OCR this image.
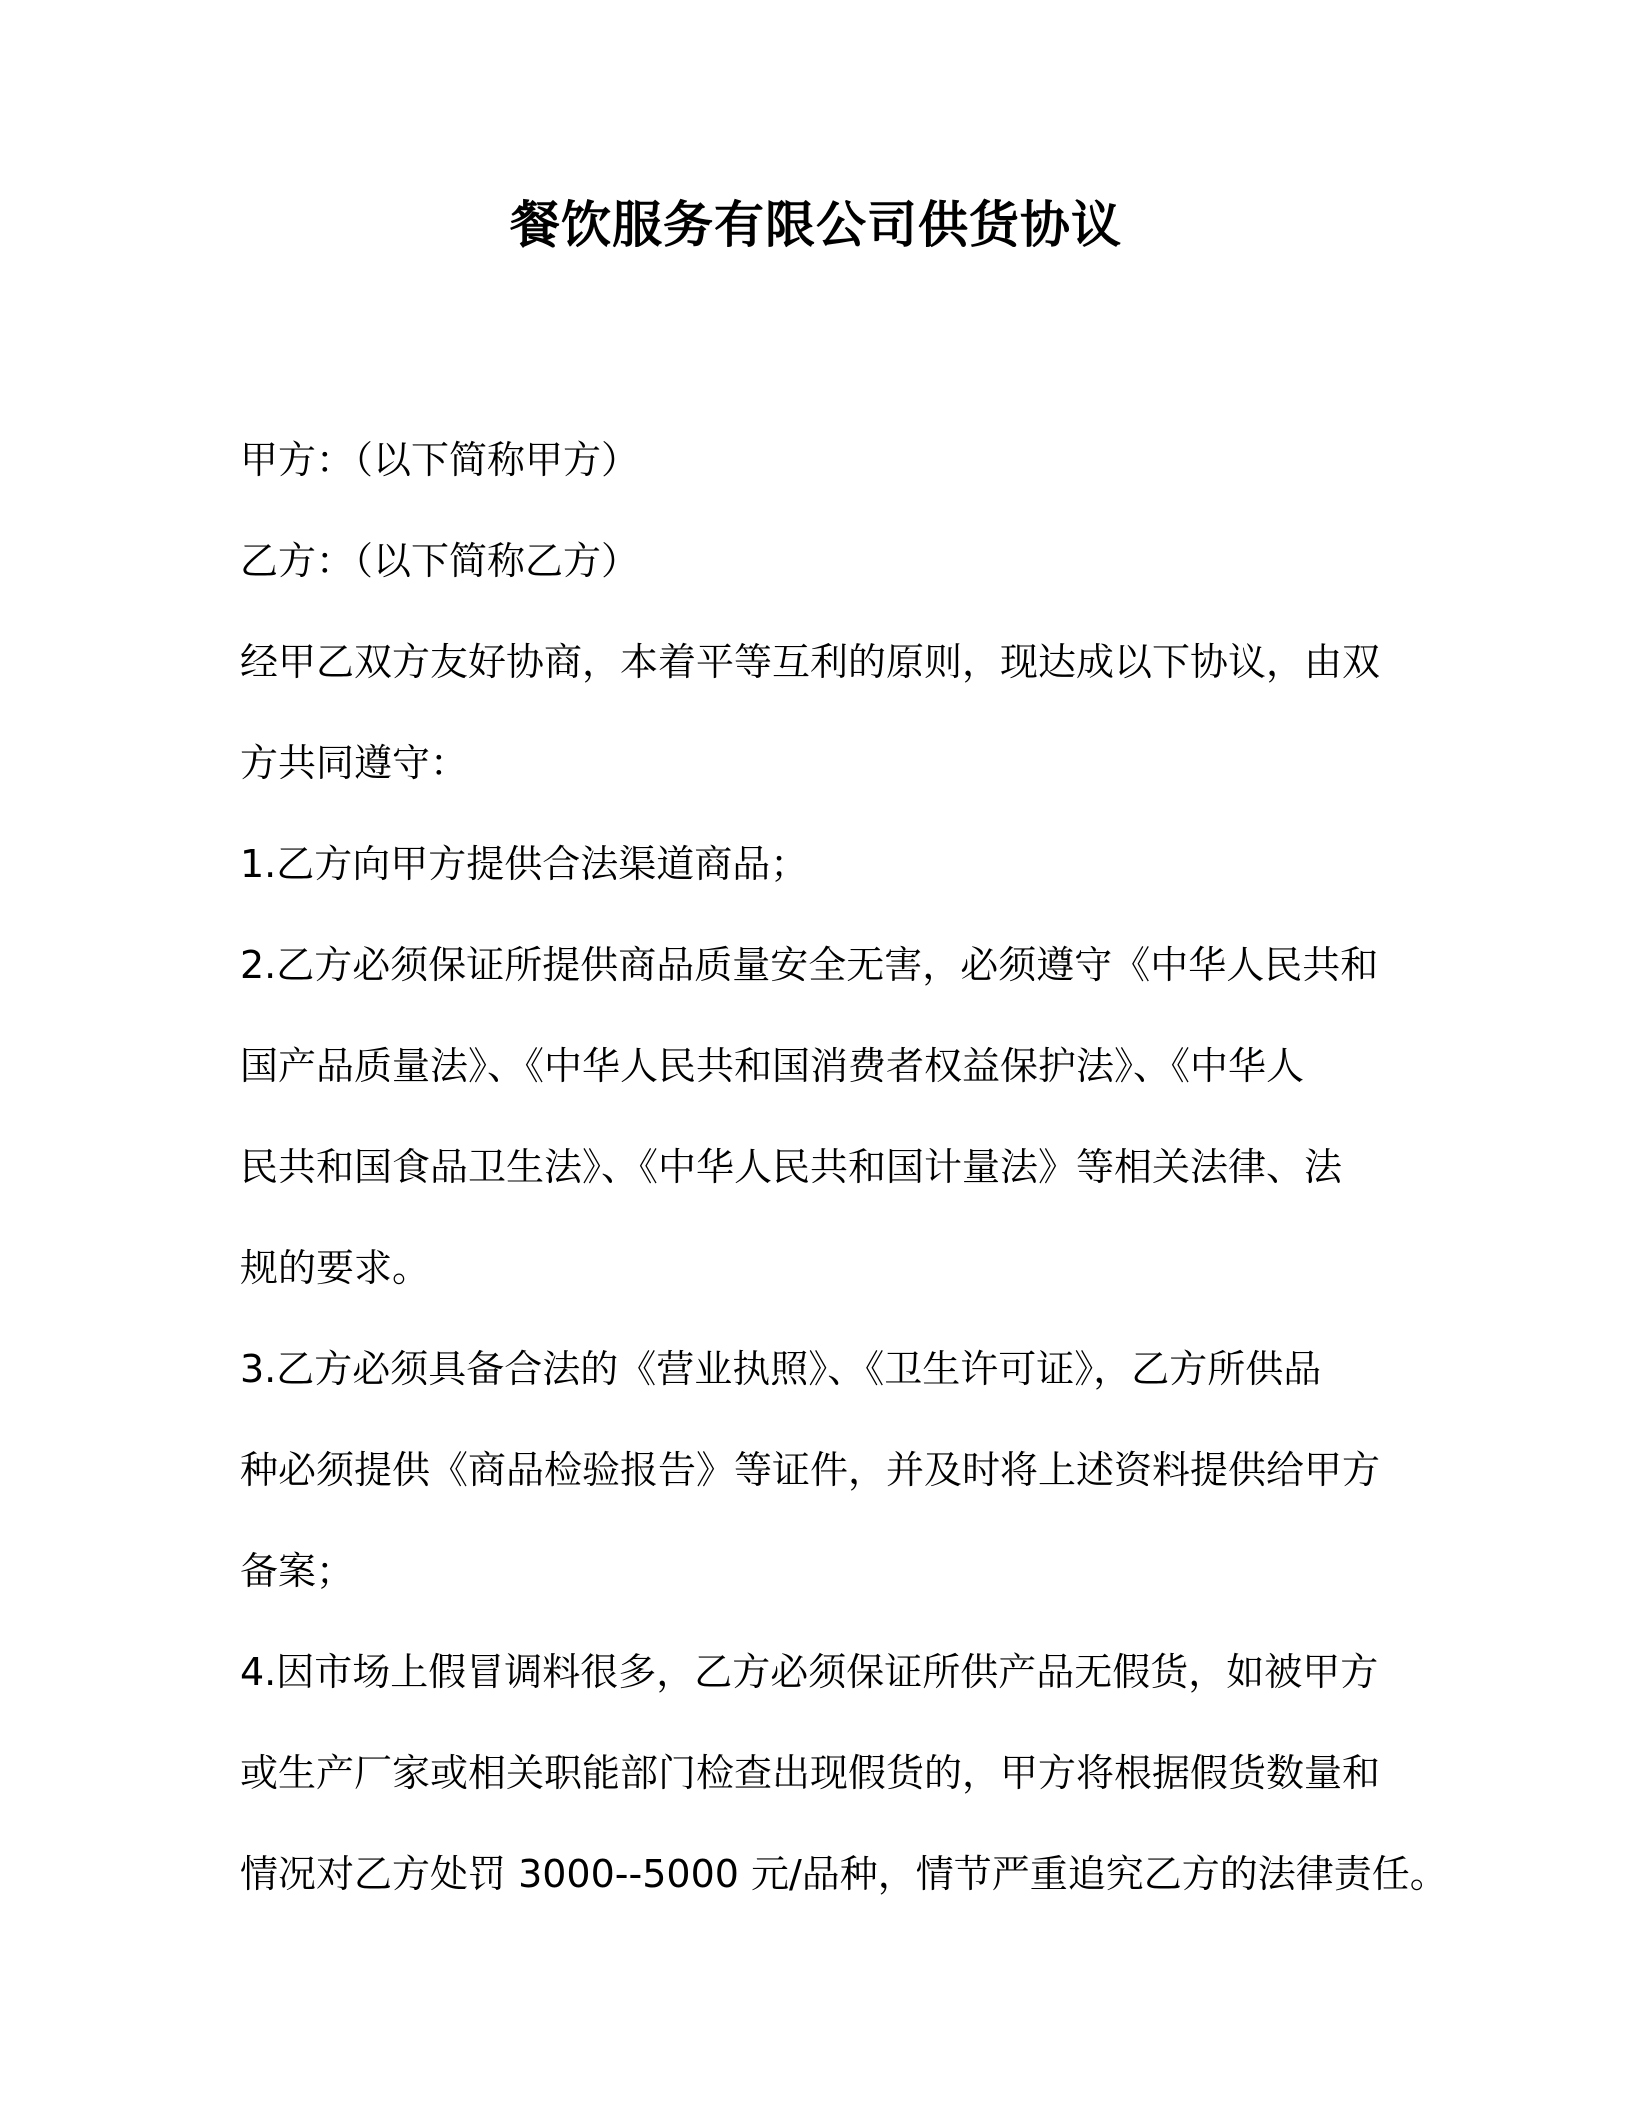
餐饮服务有限公司供货协议
甲方：（以下简称甲方）
乙方：（以下简称乙方）
经甲乙双方友好协商，本着平等互利的原则，现达成以下协议，由双
方共同遵守：
1.乙方向甲方提供合法渠道商品；
2.乙方必须保证所提供商品质量安全无害，必须遵守《中华人民共和
国产品质量法》、《中华人民共和国消费者权益保护法》、《中华人
民共和国食品卫生法》、《中华人民共和国计量法》等相关法律、法
规的要求。
3.乙方必须具备合法的《营业执照》、《卫生许可证》，乙方所供品
种必须提供《商品检验报告》等证件，并及时将上述资料提供给甲方
备案；
4.因市场上假冒调料很多，乙方必须保证所供产品无假货，如被甲方
或生产厂家或相关职能部门检查出现假货的，甲方将根据假货数量和
情况对乙方处罚 3000--5000 元/品种，情节严重追究乙方的法律责任。
